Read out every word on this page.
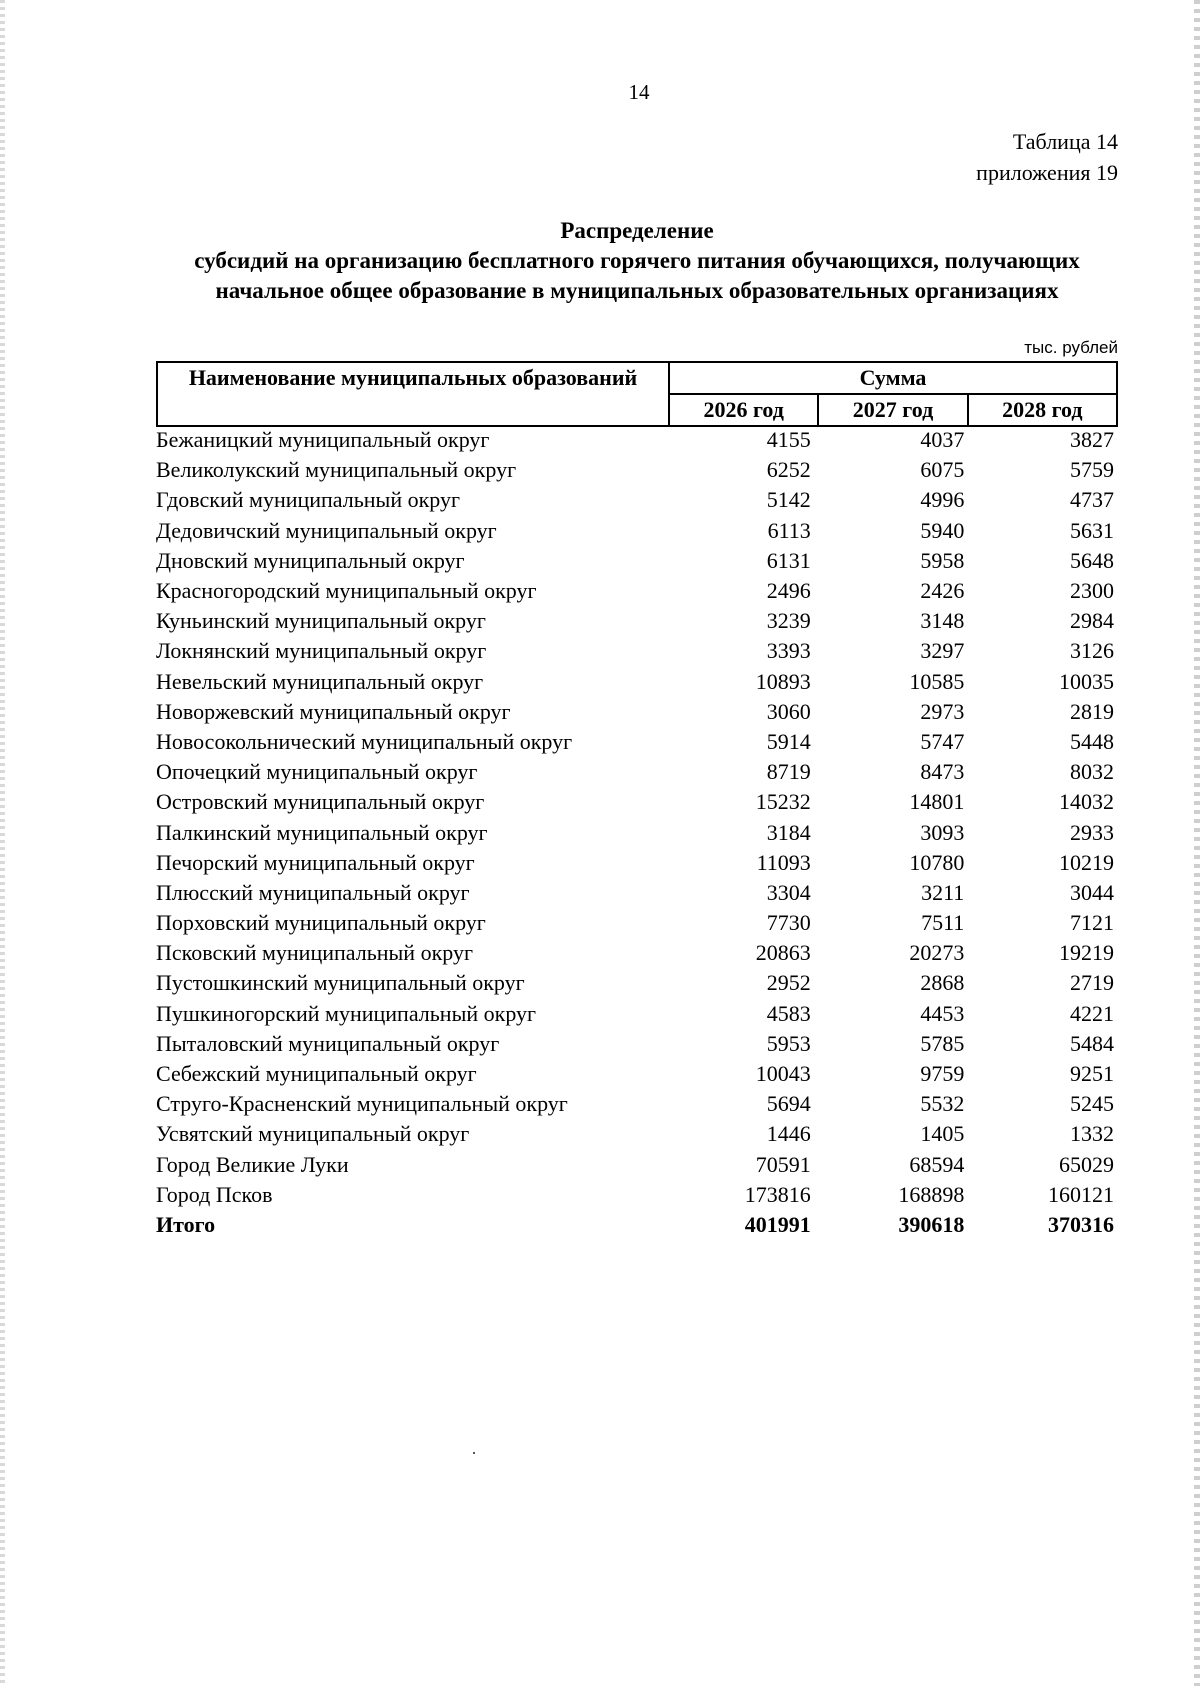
14
Таблица 14
приложения 19
Распределение
субсидий на организацию бесплатного горячего питания обучающихся, получающих
начальное общее образование в муниципальных образовательных организациях
тыс. рублей
Наименование муниципальных образований	Сумма		
	2026 год	2027 год	2028 год
Бежаницкий муниципальный округ	4155	4037	3827
Великолукский муниципальный округ	6252	6075	5759
Гдовский муниципальный округ	5142	4996	4737
Дедовичский муниципальный округ	6113	5940	5631
Дновский муниципальный округ	6131	5958	5648
Красногородский муниципальный округ	2496	2426	2300
Куньинский муниципальный округ	3239	3148	2984
Локнянский муниципальный округ	3393	3297	3126
Невельский муниципальный округ	10893	10585	10035
Новоржевский муниципальный округ	3060	2973	2819
Новосокольнический муниципальный округ	5914	5747	5448
Опочецкий муниципальный округ	8719	8473	8032
Островский муниципальный округ	15232	14801	14032
Палкинский муниципальный округ	3184	3093	2933
Печорский муниципальный округ	11093	10780	10219
Плюсский муниципальный округ	3304	3211	3044
Порховский муниципальный округ	7730	7511	7121
Псковский муниципальный округ	20863	20273	19219
Пустошкинский муниципальный округ	2952	2868	2719
Пушкиногорский муниципальный округ	4583	4453	4221
Пыталовский муниципальный округ	5953	5785	5484
Себежский муниципальный округ	10043	9759	9251
Струго-Красненский муниципальный округ	5694	5532	5245
Усвятский муниципальный округ	1446	1405	1332
Город Великие Луки	70591	68594	65029
Город Псков	173816	168898	160121
Итого	401991	390618	370316
